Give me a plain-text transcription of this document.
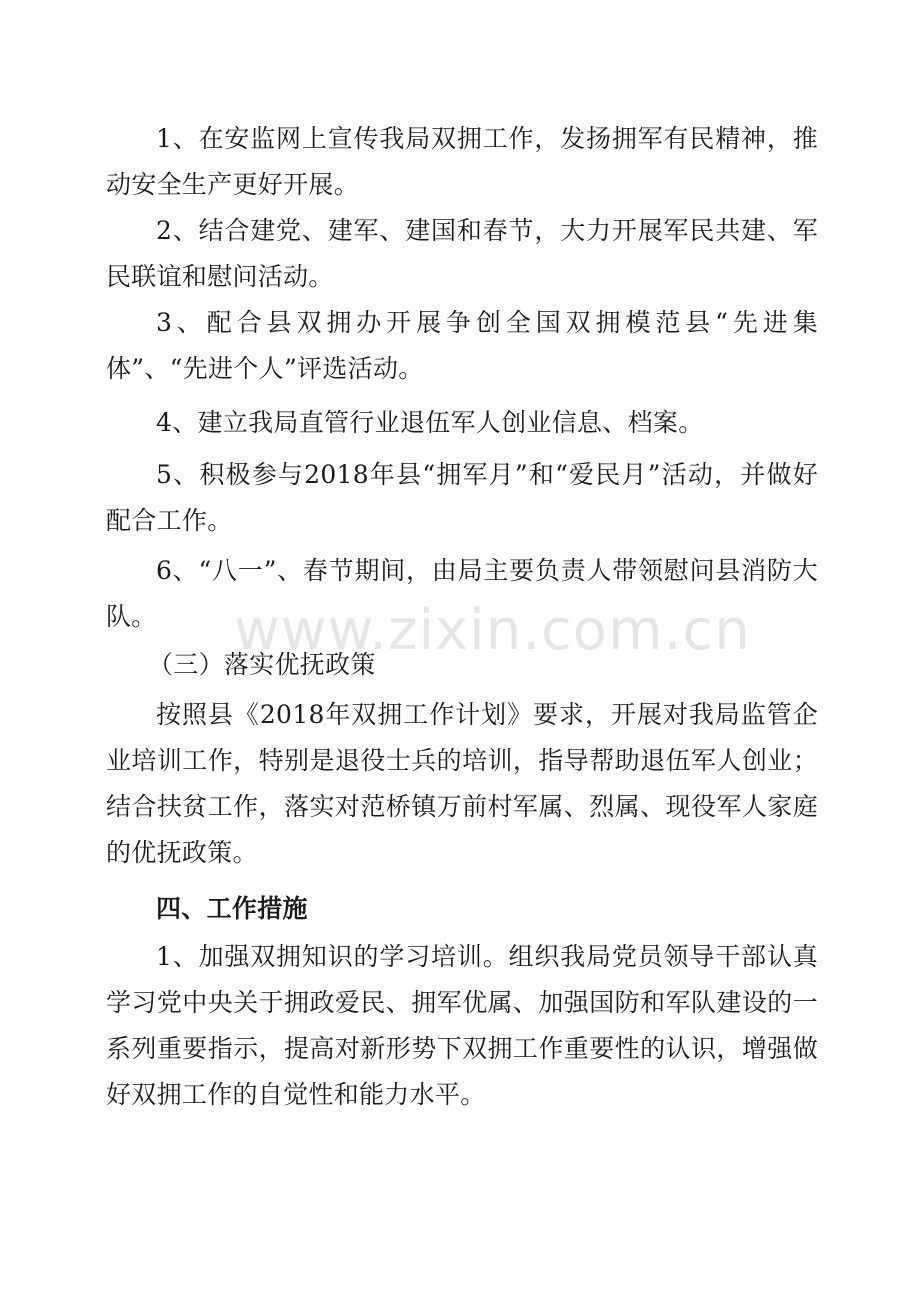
1、在安监网上宣传我局双拥工作，发扬拥军有民精神，推动安全生产更好开展。

2、结合建党、建军、建国和春节，大力开展军民共建、军民联谊和慰问活动。

3、配合县双拥办开展争创全国双拥模范县“先进集体”、“先进个人”评选活动。

4、建立我局直管行业退伍军人创业信息、档案。

5、积极参与2018年县“拥军月”和“爱民月”活动，并做好配合工作。

6、“八一”、春节期间，由局主要负责人带领慰问县消防大队。

（三）落实优抚政策

按照县《2018年双拥工作计划》要求，开展对我局监管企业培训工作，特别是退役士兵的培训，指导帮助退伍军人创业；结合扶贫工作，落实对范桥镇万前村军属、烈属、现役军人家庭的优抚政策。

四、工作措施

1、加强双拥知识的学习培训。组织我局党员领导干部认真学习党中央关于拥政爱民、拥军优属、加强国防和军队建设的一系列重要指示，提高对新形势下双拥工作重要性的认识，增强做好双拥工作的自觉性和能力水平。

www.zixin.com.cn
